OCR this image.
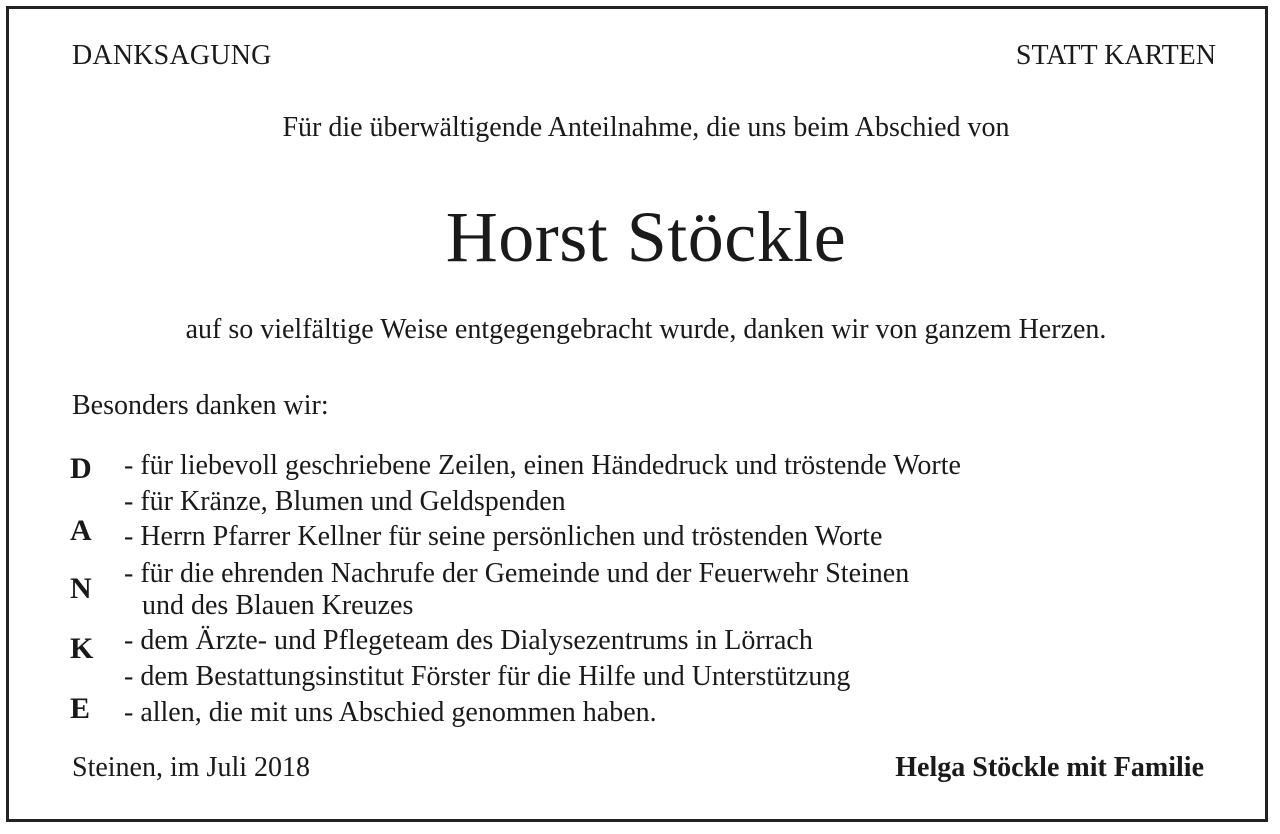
DANKSAGUNG	STATT KARTEN
Für die überwältigende Anteilnahme, die uns beim Abschied von
Horst Stöckle
auf so vielfältige Weise entgegengebracht wurde, danken wir von ganzem Herzen.
Besonders danken wir:
D
A
N
K
E
- für liebevoll geschriebene Zeilen, einen Händedruck und tröstende Worte
- für Kränze, Blumen und Geldspenden
- Herrn Pfarrer Kellner für seine persönlichen und tröstenden Worte
- für die ehrenden Nachrufe der Gemeinde und der Feuerwehr Steinen
und des Blauen Kreuzes
- dem Ärzte- und Pflegeteam des Dialysezentrums in Lörrach
- dem Bestattungsinstitut Förster für die Hilfe und Unterstützung
- allen, die mit uns Abschied genommen haben.
Steinen, im Juli 2018	Helga Stöckle mit Familie
